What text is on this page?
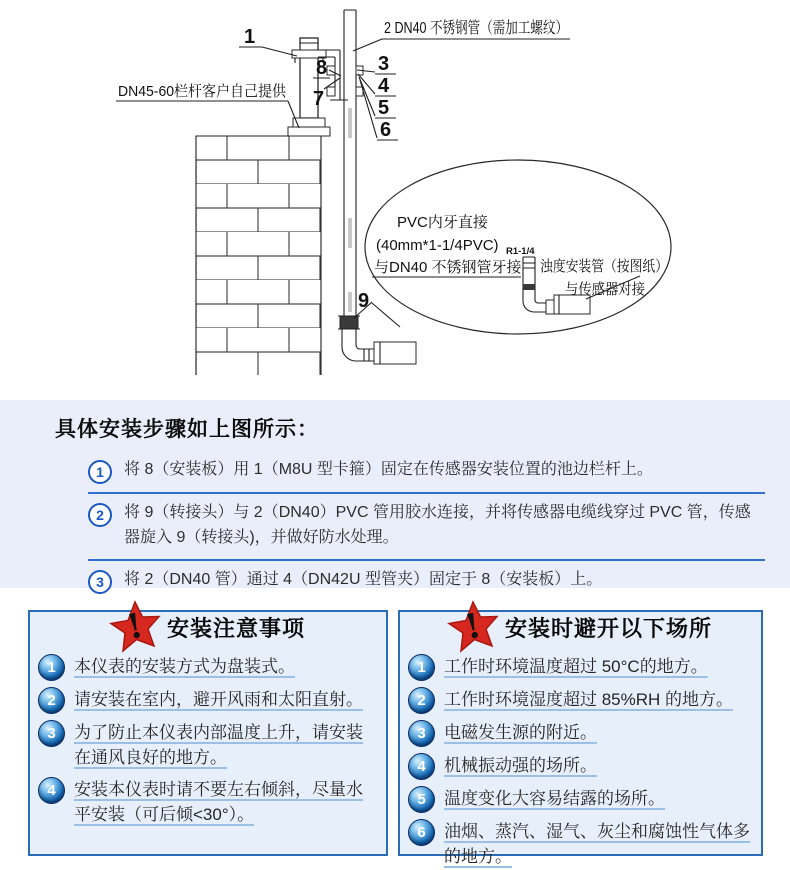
PVC内牙直接
(40mm*1-1/4PVC)
与DN40 不锈钢管牙接
R1-1/4
浊度安装管（按图纸）
与传感器对接
1
DN45-60栏杆客户自己提供
2 DN40 不锈钢管（需加工螺纹）
8
7
3
4
5
6
9
具体安装步骤如上图所示：
1	将 8（安装板）用 1（M8U 型卡箍）固定在传感器安装位置的池边栏杆上。
2	将 9（转接头）与 2（DN40）PVC 管用胶水连接，并将传感器电缆线穿过 PVC 管，传感器旋入 9（转接头)，并做好防水处理。
3	将 2（DN40 管）通过 4（DN42U 型管夹）固定于 8（安装板）上。
! 安装注意事项
1	本仪表的安装方式为盘装式。
2	请安装在室内，避开风雨和太阳直射。
3	为了防止本仪表内部温度上升，请安装在通风良好的地方。
4	安装本仪表时请不要左右倾斜，尽量水平安装（可后倾<30°）。
! 安装时避开以下场所
1	工作时环境温度超过 50°C的地方。
2	工作时环境湿度超过 85%RH 的地方。
3	电磁发生源的附近。
4	机械振动强的场所。
5	温度变化大容易结露的场所。
6	油烟、蒸汽、湿气、灰尘和腐蚀性气体多的地方。
